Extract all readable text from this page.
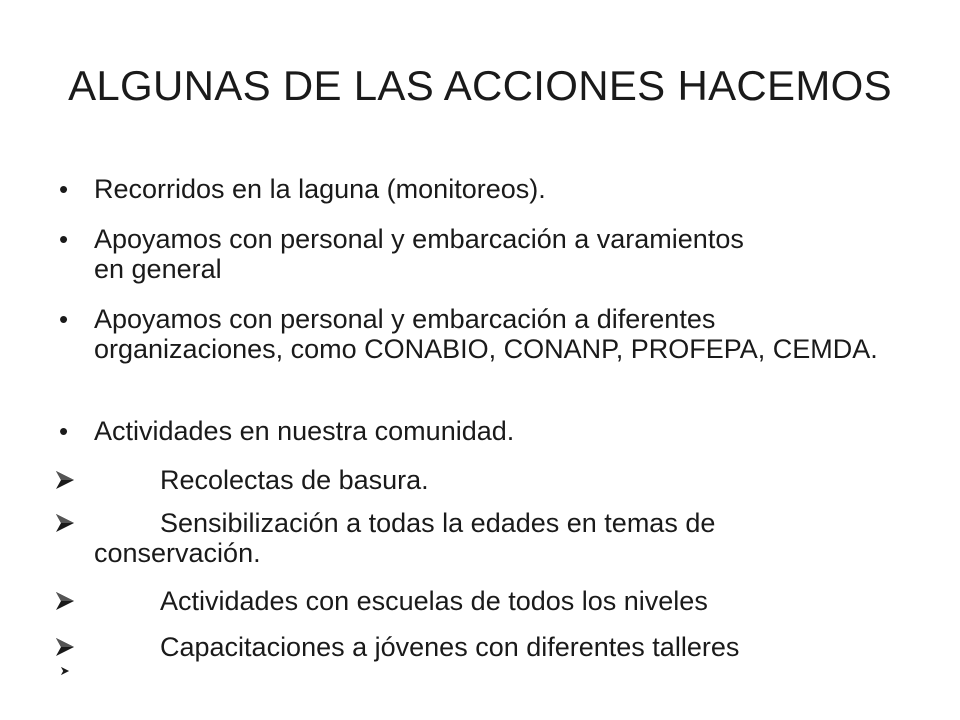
ALGUNAS DE LAS ACCIONES HACEMOS
• Recorridos en la laguna (monitoreos).
• Apoyamos con personal y embarcación a varamientos en general
• Apoyamos con personal y embarcación a diferentes organizaciones, como CONABIO, CONANP, PROFEPA, CEMDA.
• Actividades en nuestra comunidad.
Recolectas de basura.
Sensibilización a todas la edades en temas de conservación.
Actividades con escuelas de todos los niveles
Capacitaciones a jóvenes con diferentes talleres
